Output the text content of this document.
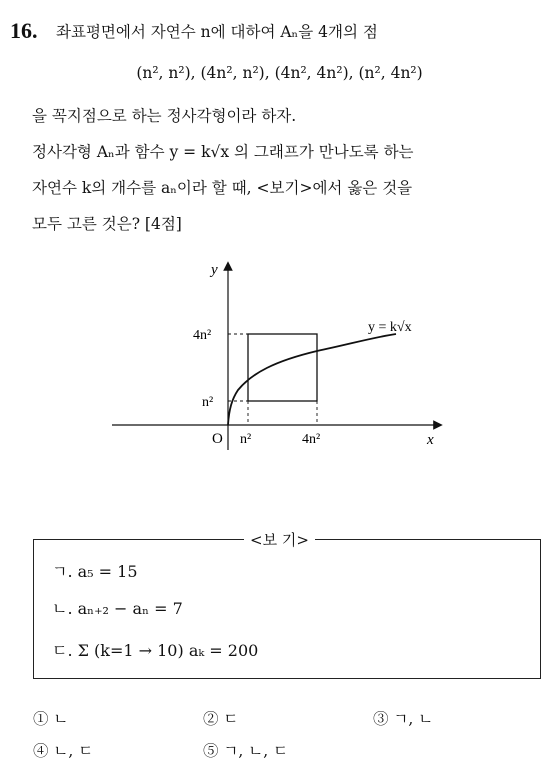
16. 좌표평면에서 자연수 n에 대하여 Aₙ을 4개의 점
(n², n²), (4n², n²), (4n², 4n²), (n², 4n²)
을 꼭지점으로 하는 정사각형이라 하자.
정사각형 Aₙ과 함수 y = k√x 의 그래프가 만나도록 하는
자연수 k의 개수를 aₙ이라 할 때, <보기>에서 옳은 것을
모두 고른 것은? [4점]
y
x
O
4n²
n²
n²	4n²
y = k√x
<보 기>
ㄱ. a₅ = 15
ㄴ. aₙ₊₂ − aₙ = 7
ㄷ. Σ (k=1 → 10) aₖ = 200
① ㄴ	② ㄷ	③ ㄱ, ㄴ
④ ㄴ, ㄷ	⑤ ㄱ, ㄴ, ㄷ
